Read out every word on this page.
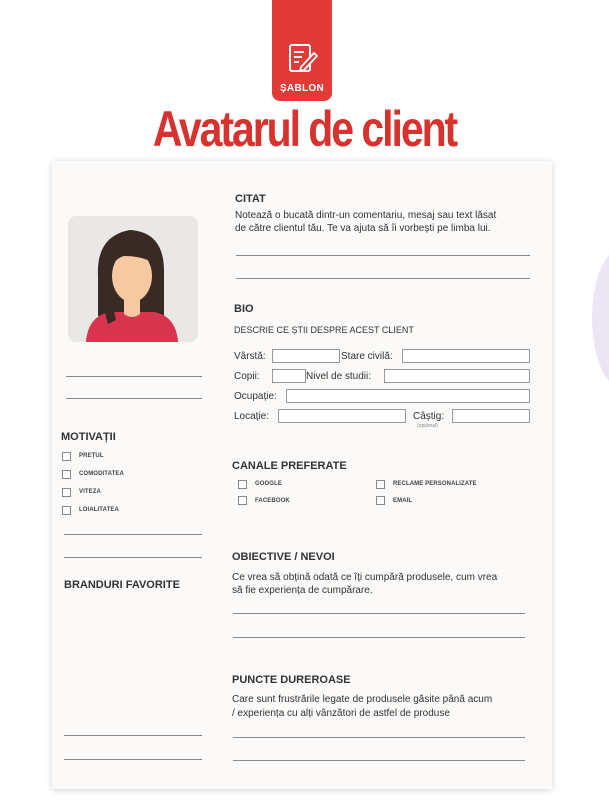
ȘABLON
Avatarul de client
MOTIVAȚII
PREȚUL
COMODITATEA
VITEZA
LOIALITATEA
BRANDURI FAVORITE
CITAT
Notează o bucată dintr-un comentariu, mesaj sau text lăsat
de către clientul tău. Te va ajuta să îi vorbești pe limba lui.
BIO
DESCRIE CE ȘTII DESPRE ACEST CLIENT
Vârstă:	Stare civilă:
Copii:	Nivel de studii:
Ocupație:
Locație:	Câștig:
(opțional)
CANALE PREFERATE
GOOGLE	RECLAME PERSONALIZATE
FACEBOOK	EMAIL
OBIECTIVE / NEVOI
Ce vrea să obțină odată ce îți cumpără produsele, cum vrea
să fie experiența de cumpărare.
PUNCTE DUREROASE
Care sunt frustrările legate de produsele găsite până acum
/ experiența cu alți vânzători de astfel de produse
